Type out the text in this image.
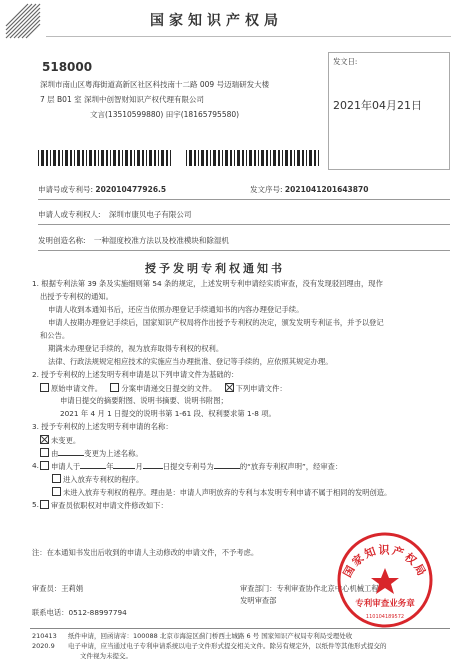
国家知识产权局
518000
深圳市南山区粤海街道高新区社区科技南十二路 009 号迈瑞研发大楼
7 层 B01 室 深圳中创智财知识产权代理有限公司
文言(13510599880) 田宇(18165795580)
发文日:
2021年04月21日
申请号或专利号: 202010477926.5	发文序号: 2021041201643870
申请人或专利权人: 深圳市康贝电子有限公司
发明创造名称: 一种湿度校准方法以及校准模块和除湿机
授予发明专利权通知书
1. 根据专利法第 39 条及实施细则第 54 条的规定，上述发明专利申请经实质审查，没有发现驳回理由，现作
出授予专利权的通知。
申请人收到本通知书后，还应当依照办理登记手续通知书的内容办理登记手续。
申请人按期办理登记手续后，国家知识产权局将作出授予专利权的决定，颁发发明专利证书，并予以登记
和公告。
期满未办理登记手续的，视为放弃取得专利权的权利。
法律、行政法规规定相应技术的实施应当办理批准、登记等手续的，应依照其规定办理。
2. 授予专利权的上述发明专利申请是以下列申请文件为基础的：
原始申请文件。	分案申请递交日提交的文件。	下列申请文件：
申请日提交的摘要附图、说明书摘要、说明书附图；
2021 年 4 月 1 日提交的说明书第 1-61 段、权利要求第 1-8 项。
3. 授予专利权的上述发明专利申请的名称：
未变更。
由	变更为上述名称。
4.	申请人于	年	月	日提交专利号为	的“放弃专利权声明”，经审查：
进入放弃专利权的程序。
未进入放弃专利权的程序。理由是：申请人声明放弃的专利与本发明专利申请不属于相同的发明创造。
5.	审查员依职权对申请文件修改如下：
注：在本通知书发出后收到的申请人主动修改的申请文件，不予考虑。
审查员：王莉娟	审查部门：专利审查协作北京中心机械工程
发明审查部
联系电话：0512-88997794
国家知识产权局
专利审查业务章
110104189572
210413
2020.9
纸件申请，回函请寄：100088 北京市海淀区蓟门桥西土城路 6 号 国家知识产权局专利局受理处收
电子申请，应当通过电子专利申请系统以电子文件形式提交相关文件。除另有规定外，以纸件等其他形式提交的
文件视为未提交。
